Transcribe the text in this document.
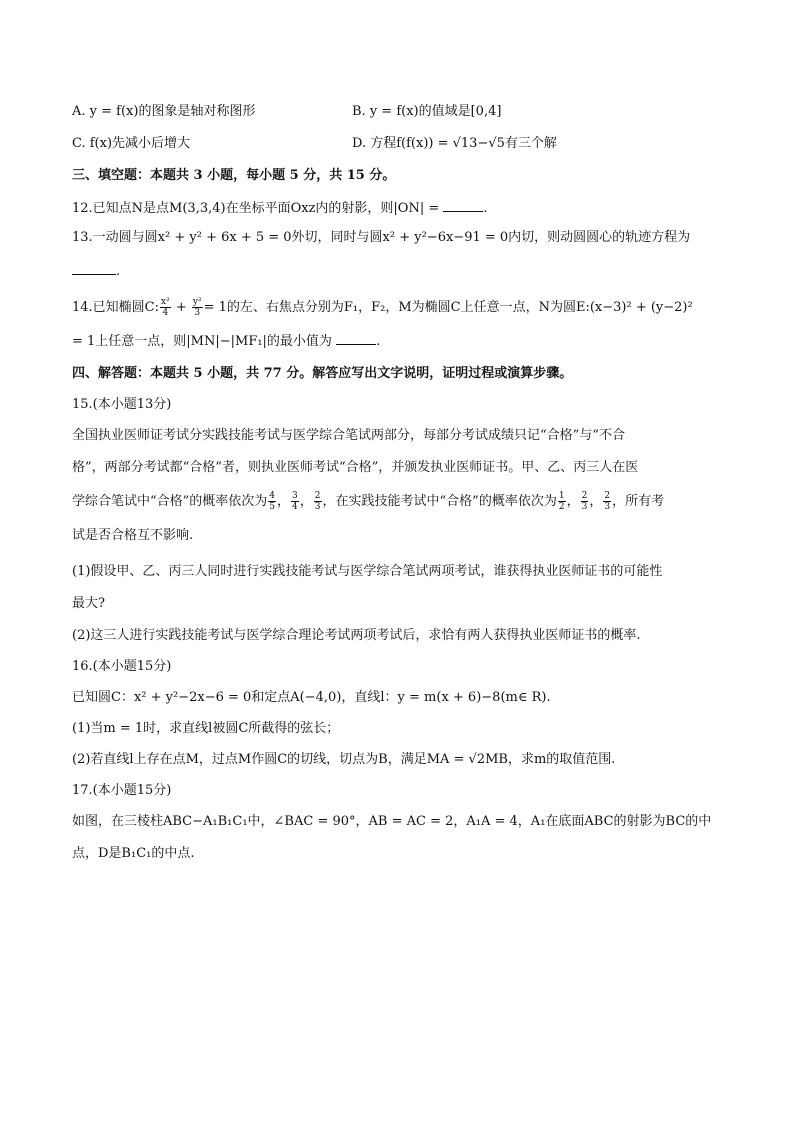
A. y = f(x)的图象是轴对称图形	B. y = f(x)的值域是[0,4]
C. f(x)先减小后增大	D. 方程f(f(x)) = √13−√5有三个解
三、填空题：本题共 3 小题，每小题 5 分，共 15 分。
12.已知点N是点M(3,3,4)在坐标平面Oxz内的射影，则|ON| =	.
13.一动圆与圆x² + y² + 6x + 5 = 0外切，同时与圆x² + y²−6x−91 = 0内切，则动圆圆心的轨迹方程为
.
14.已知椭圆C: $\frac{\text{x²}}{4} + \frac{\text{y²}}{3} = 1$的左、右焦点分别为F₁，F₂，M为椭圆C上任意一点，N为圆E:(x−3)² + (y−2)²
= 1上任意一点，则|MN|−|MF₁|的最小值为	.
四、解答题：本题共 5 小题，共 77 分。解答应写出文字说明，证明过程或演算步骤。
15.(本小题13分)
全国执业医师证考试分实践技能考试与医学综合笔试两部分，每部分考试成绩只记“合格”与“不合
格”，两部分考试都“合格”者，则执业医师考试“合格”，并颁发执业医师证书。甲、乙、丙三人在医
学综合笔试中“合格”的概率依次为 $\frac{4}{5}$ ， $\frac{3}{4}$ ， $\frac{2}{3}$ ，在实践技能考试中“合格”的概率依次为 $\frac{1}{2}$ ， $\frac{2}{3}$ ， $\frac{2}{3}$ ，所有考
试是否合格互不影响.
(1)假设甲、乙、丙三人同时进行实践技能考试与医学综合笔试两项考试，谁获得执业医师证书的可能性
最大?
(2)这三人进行实践技能考试与医学综合理论考试两项考试后，求恰有两人获得执业医师证书的概率.
16.(本小题15分)
已知圆C：x² + y²−2x−6 = 0和定点A(−4,0)，直线l：y = m(x + 6)−8(m∈ R).
(1)当m = 1时，求直线l被圆C所截得的弦长；
(2)若直线l上存在点M，过点M作圆C的切线，切点为B，满足MA = √2MB，求m的取值范围.
17.(本小题15分)
如图，在三棱柱ABC−A₁B₁C₁中，∠BAC = 90°，AB = AC = 2，A₁A = 4，A₁在底面ABC的射影为BC的中
点，D是B₁C₁的中点.
